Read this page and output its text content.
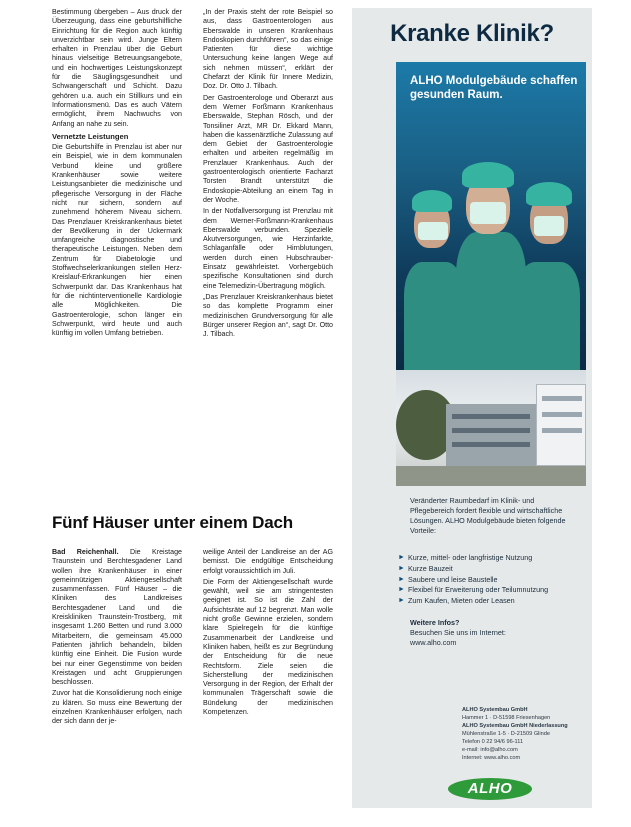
Bestimmung übergeben – Aus druck der Überzeugung, dass eine geburtshilfliche Einrichtung für die Region auch künftig unverzichtbar sein wird. Junge Eltern erhalten in Prenzlau über die Geburt hinaus vielseitige Betreuungsangebote, und ein hochwertiges Leistungskonzept für die Säuglingsgesundheit und Schwangerschaft und Schicht. Dazu gehören u.a. auch ein Stillkurs und ein Informationsmenü. Das es auch Vätern ermöglicht, ihrem Nachwuchs von Anfang an nahe zu sein.

Vernetzte Leistungen

Die Geburtshilfe in Prenzlau ist aber nur ein Beispiel, wie in dem kommunalen Verbund kleine und größere Krankenhäuser sowie weitere Leistungsanbieter die medizinische und pflegerische Versorgung in der Fläche nicht nur sichern, sondern auf zunehmend höherem Niveau sichern. Das Prenzlauer Kreiskrankenhaus bietet der Bevölkerung in der Uckermark umfangreiche diagnostische und therapeutische Leistungen. Neben dem Zentrum für Diabetologie und Stoffwechselerkrankungen stellen Herz-Kreislauf-Erkrankungen hier einen Schwerpunkt dar. Das Krankenhaus hat für die nichtinterventionelle Kardiologie alle Möglichkeiten. Die Gastroenterologie, schon länger ein Schwerpunkt, wird heute und auch künftig im vollen Umfang betrieben.

„In der Praxis steht der rote Beispiel so aus, dass Gastroenterologen aus Eberswalde in unseren Krankenhaus Endoskopien durchführen“, so das einige Patienten für diese wichtige Untersuchung keine langen Wege auf sich nehmen müssen“, erklärt der Chefarzt der Klinik für Innere Medizin, Doz. Dr. Otto J. Tilbach.

Der Gastroenterologe und Oberarzt aus dem Werner Forßmann Krankenhaus Eberswalde, Stephan Rösch, und der Tonsiliner Arzt, MR Dr. Ekkard Mann, haben die kassenärztliche Zulassung auf dem Gebiet der Gastroenterologie erhalten und arbeiten regelmäßig im Prenzlauer Krankenhaus. Auch der gastroenterologisch orientierte Facharzt Torsten Brandt unterstützt die Endoskopie-Abteilung an einem Tag in der Woche.

In der Notfallversorgung ist Prenzlau mit dem Werner-Forßmann-Krankenhaus Eberswalde verbunden. Spezielle Akutversorgungen, wie Herzinfarkte, Schlaganfälle oder Hirnblutungen, werden durch einen Hubschrauber-Einsatz gewährleistet. Vorhergebüch spezifische Konsultationen sind durch eine Telemedizin-Übertragung möglich.

„Das Prenzlauer Kreiskrankenhaus bietet so das komplette Programm einer medizinischen Grundversorgung für alle Bürger unserer Region an“, sagt Dr. Otto J. Tilbach.

Fünf Häuser unter einem Dach

Bad Reichenhall. Die Kreistage Traunstein und Berchtesgadener Land wollen ihre Krankenhäuser in einer gemeinnützigen Aktiengesellschaft zusammenfassen. Fünf Häuser – die Kliniken des Landkreises Berchtesgadener Land und die Kreiskliniken Traunstein-Trostberg, mit insgesamt 1.260 Betten und rund 3.000 Mitarbeitern, die gemeinsam 45.000 Patienten jährlich behandeln, bilden künftig eine Einheit. Die Fusion wurde bei nur einer Gegenstimme von beiden Kreistagen und acht Gruppierungen beschlossen.

Zuvor hat die Konsolidierung noch einige zu klären. So muss eine Bewertung der einzelnen Krankenhäuser erfolgen, nach der sich dann der je-

weilige Anteil der Landkreise an der AG bemisst. Die endgültige Entscheidung erfolgt voraussichtlich im Juli.

Die Form der Aktiengesellschaft wurde gewählt, weil sie am stringentesten geeignet ist. So ist die Zahl der Aufsichtsräte auf 12 begrenzt. Man wolle nicht große Gewinne erzielen, sondern klare Spielregeln für die künftige Zusammenarbeit der Landkreise und Kliniken haben, heißt es zur Begründung der Entscheidung für die neue Rechtsform. Ziele seien die Sicherstellung der medizinischen Versorgung in der Region, der Erhalt der kommunalen Trägerschaft sowie die Bündelung der medizinischen Kompetenzen.

Kranke Klinik?
ALHO Modulgebäude schaffen gesunden Raum.
Foto
Veränderter Raumbedarf im Klinik- und Pflegebereich fordert flexible und wirtschaftliche Lösungen. ALHO Modulgebäude bieten folgende Vorteile:
► Kurze, mittel- oder langfristige Nutzung
► Kurze Bauzeit
► Saubere und leise Baustelle
► Flexibel für Erweiterung oder Teilumnutzung
► Zum Kaufen, Mieten oder Leasen
Weitere Infos?
Besuchen Sie uns im Internet:
www.alho.com
ALHO Systembau GmbH
Hammer 1 · D-51598 Friesenhagen
ALHO Systembau GmbH Niederlassung
Mühlenstraße 1-5 · D-21509 Glinde
Telefon 0 22 94/6 96-111
e-mail: info@alho.com
Internet: www.alho.com
ALHO
